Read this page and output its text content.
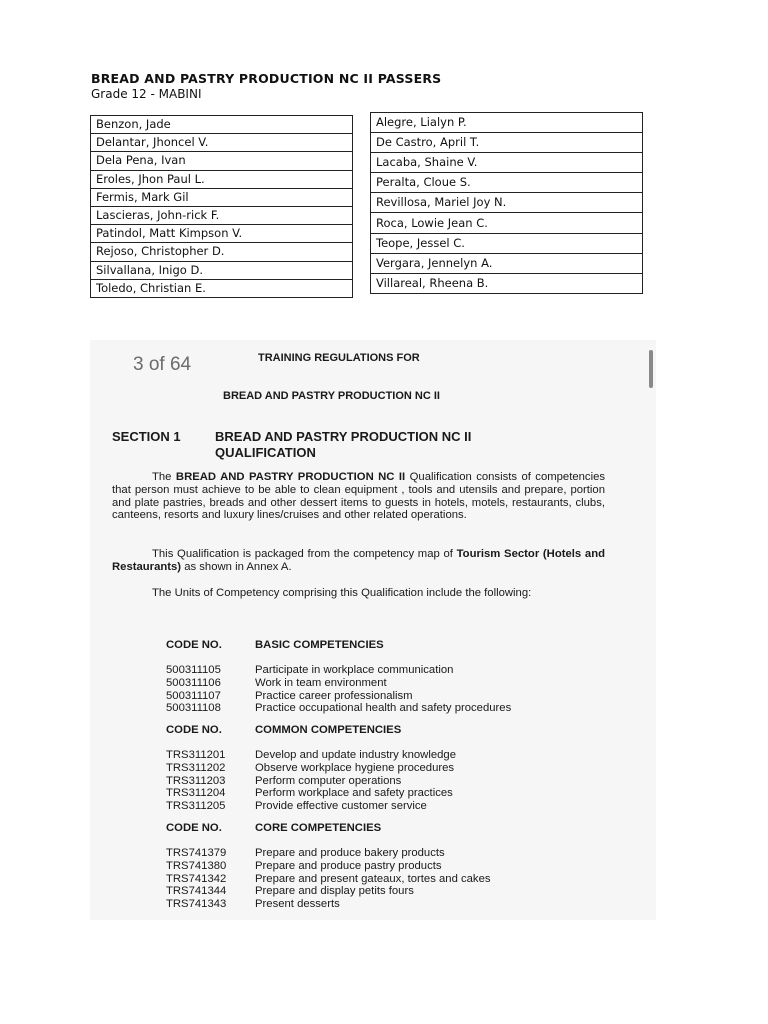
BREAD AND PASTRY PRODUCTION NC II PASSERS
Grade 12 - MABINI
Benzon, Jade
Delantar, Jhoncel V.
Dela Pena, Ivan
Eroles, Jhon Paul L.
Fermis, Mark Gil
Lascieras, John-rick F.
Patindol, Matt Kimpson V.
Rejoso, Christopher D.
Silvallana, Inigo D.
Toledo, Christian E.
Alegre, Lialyn P.
De Castro, April T.
Lacaba, Shaine V.
Peralta, Cloue S.
Revillosa, Mariel Joy N.
Roca, Lowie Jean C.
Teope, Jessel C.
Vergara, Jennelyn A.
Villareal, Rheena B.
3 of 64	TRAINING REGULATIONS FOR
BREAD AND PASTRY PRODUCTION NC II
SECTION 1	BREAD AND PASTRY PRODUCTION NC II QUALIFICATION
The BREAD AND PASTRY PRODUCTION NC II Qualification consists of competencies that person must achieve to be able to clean equipment , tools and utensils and prepare, portion and plate pastries, breads and other dessert items to guests in hotels, motels, restaurants, clubs, canteens, resorts and luxury lines/cruises and other related operations.
This Qualification is packaged from the competency map of Tourism Sector (Hotels and Restaurants) as shown in Annex A.
The Units of Competency comprising this Qualification include the following:
CODE NO.	BASIC COMPETENCIES
500311105	Participate in workplace communication
500311106	Work in team environment
500311107	Practice career professionalism
500311108	Practice occupational health and safety procedures
CODE NO.	COMMON COMPETENCIES
TRS311201	Develop and update industry knowledge
TRS311202	Observe workplace hygiene procedures
TRS311203	Perform computer operations
TRS311204	Perform workplace and safety practices
TRS311205	Provide effective customer service
CODE NO.	CORE COMPETENCIES
TRS741379	Prepare and produce bakery products
TRS741380	Prepare and produce pastry products
TRS741342	Prepare and present gateaux, tortes and cakes
TRS741344	Prepare and display petits fours
TRS741343	Present desserts
